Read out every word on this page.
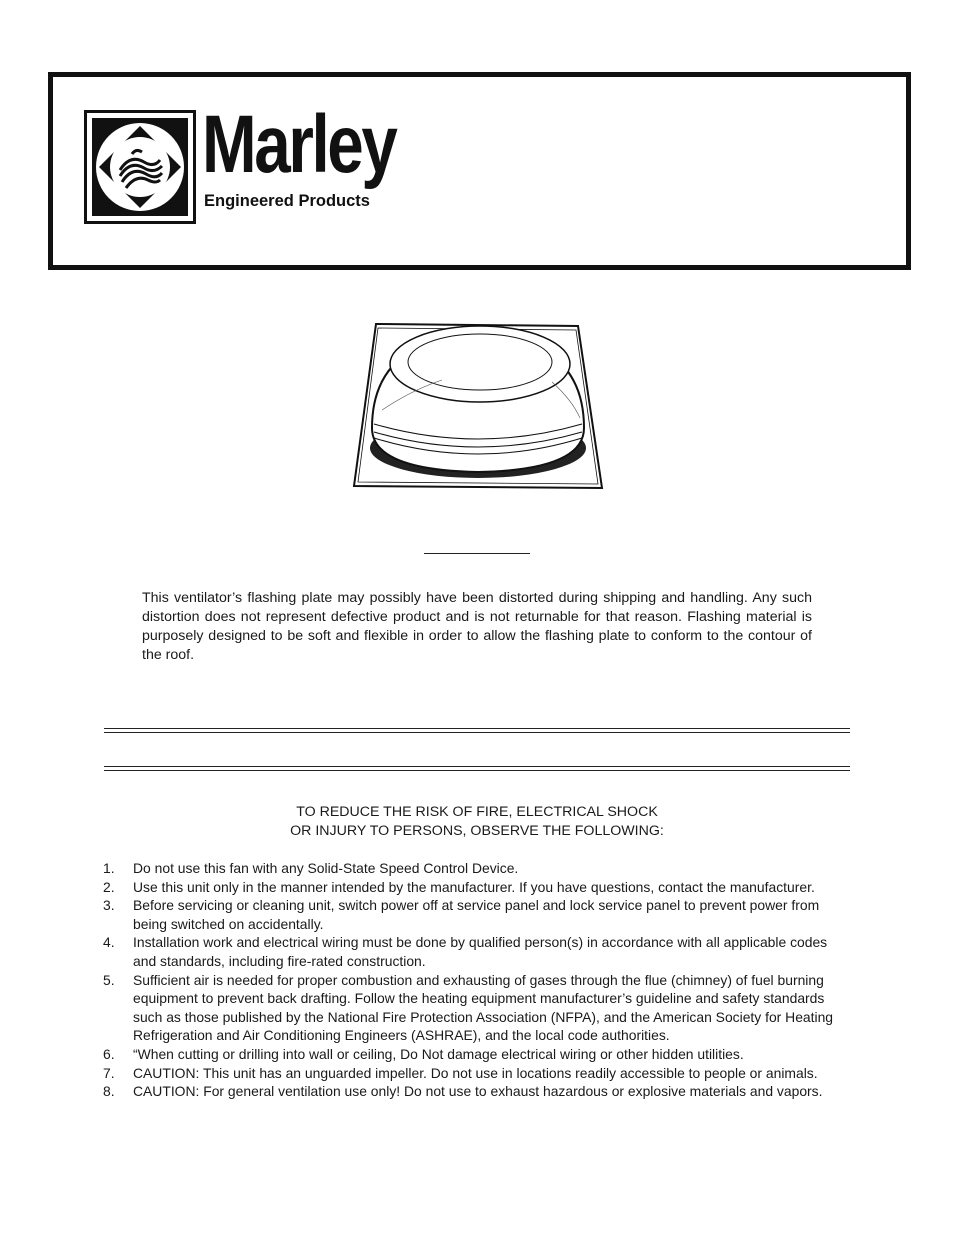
Marley
Engineered Products

This ventilator’s flashing plate may possibly have been distorted during shipping and handling. Any such distortion does not represent defective product and is not returnable for that reason. Flashing material is purposely designed to be soft and flexible in order to allow the flashing plate to conform to the contour of the roof.

TO REDUCE THE RISK OF FIRE, ELECTRICAL SHOCK
OR INJURY TO PERSONS, OBSERVE THE FOLLOWING:
1. Do not use this fan with any Solid-State Speed Control Device.
2. Use this unit only in the manner intended by the manufacturer. If you have questions, contact the manufacturer.
3. Before servicing or cleaning unit, switch power off at service panel and lock service panel to prevent power from being switched on accidentally.
4. Installation work and electrical wiring must be done by qualified person(s) in accordance with all applicable codes and standards, including fire-rated construction.
5. Sufficient air is needed for proper combustion and exhausting of gases through the flue (chimney) of fuel burning equipment to prevent back drafting. Follow the heating equipment manufacturer’s guideline and safety standards such as those published by the National Fire Protection Association (NFPA), and the American Society for Heating Refrigeration and Air Conditioning Engineers (ASHRAE), and the local code authorities.
6. “When cutting or drilling into wall or ceiling, Do Not damage electrical wiring or other hidden utilities.
7. CAUTION: This unit has an unguarded impeller. Do not use in locations readily accessible to people or animals.
8. CAUTION: For general ventilation use only! Do not use to exhaust hazardous or explosive materials and vapors.
